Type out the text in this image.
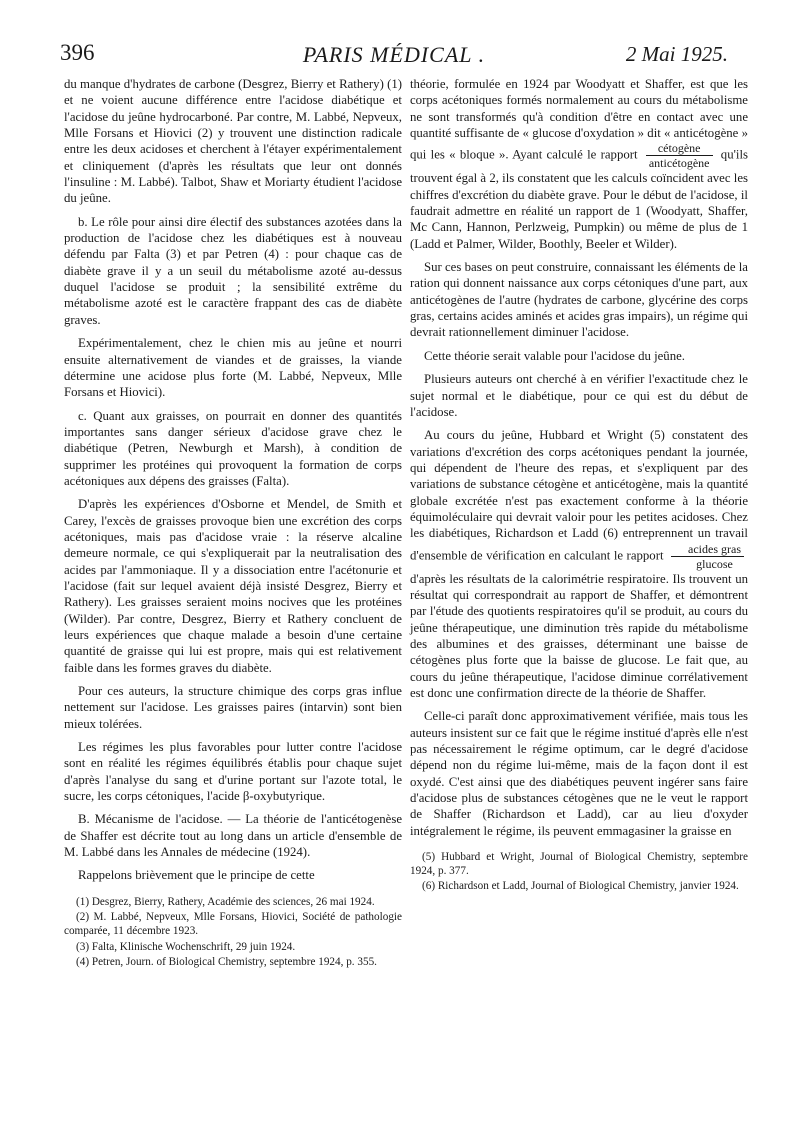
396	PARIS MÉDICAL .	2 Mai 1925.

du manque d'hydrates de carbone (Desgrez, Bierry et Rathery) (1) et ne voient aucune différence entre l'acidose diabétique et l'acidose du jeûne hydrocarboné. Par contre, M. Labbé, Nepveux, Mlle Forsans et Hiovici (2) y trouvent une distinction radicale entre les deux acidoses et cherchent à l'étayer expérimentalement et cliniquement (d'après les résultats que leur ont donnés l'insuline : M. Labbé). Talbot, Shaw et Moriarty étudient l'acidose du jeûne.

b. Le rôle pour ainsi dire électif des substances azotées dans la production de l'acidose chez les diabétiques est à nouveau défendu par Falta (3) et par Petren (4) : pour chaque cas de diabète grave il y a un seuil du métabolisme azoté au-dessus duquel l'acidose se produit ; la sensibilité extrême du métabolisme azoté est le caractère frappant des cas de diabète graves.

Expérimentalement, chez le chien mis au jeûne et nourri ensuite alternativement de viandes et de graisses, la viande détermine une acidose plus forte (M. Labbé, Nepveux, Mlle Forsans et Hiovici).

c. Quant aux graisses, on pourrait en donner des quantités importantes sans danger sérieux d'acidose grave chez le diabétique (Petren, Newburgh et Marsh), à condition de supprimer les protéines qui provoquent la formation de corps acétoniques aux dépens des graisses (Falta).

D'après les expériences d'Osborne et Mendel, de Smith et Carey, l'excès de graisses provoque bien une excrétion des corps acétoniques, mais pas d'acidose vraie : la réserve alcaline demeure normale, ce qui s'expliquerait par la neutralisation des acides par l'ammoniaque. Il y a dissociation entre l'acétonurie et l'acidose (fait sur lequel avaient déjà insisté Desgrez, Bierry et Rathery). Les graisses seraient moins nocives que les protéines (Wilder). Par contre, Desgrez, Bierry et Rathery concluent de leurs expériences que chaque malade a besoin d'une certaine quantité de graisse qui lui est propre, mais qui est relativement faible dans les formes graves du diabète.

Pour ces auteurs, la structure chimique des corps gras influe nettement sur l'acidose. Les graisses paires (intarvin) sont bien mieux tolérées.

Les régimes les plus favorables pour lutter contre l'acidose sont en réalité les régimes équilibrés établis pour chaque sujet d'après l'analyse du sang et d'urine portant sur l'azote total, le sucre, les corps cétoniques, l'acide β-oxybutyrique.

B. Mécanisme de l'acidose. — La théorie de l'anticétogenèse de Shaffer est décrite tout au long dans un article d'ensemble de M. Labbé dans les Annales de médecine (1924).

Rappelons brièvement que le principe de cette

(1) Desgrez, Bierry, Rathery, Académie des sciences, 26 mai 1924.
(2) M. Labbé, Nepveux, Mlle Forsans, Hiovici, Société de pathologie comparée, 11 décembre 1923.
(3) Falta, Klinische Wochenschrift, 29 juin 1924.
(4) Petren, Journ. of Biological Chemistry, septembre 1924, p. 355.

théorie, formulée en 1924 par Woodyatt et Shaffer, est que les corps acétoniques formés normalement au cours du métabolisme ne sont transformés qu'à condition d'être en contact avec une quantité suffisante de « glucose d'oxydation » dit « anticétogène » qui les « bloque ». Ayant calculé le rapport $\frac{\text{cétogène}}{\text{anticétogène}} qu'ils$ trouvent égal à 2, ils constatent que les calculs coïncident avec les chiffres d'excrétion du diabète grave. Pour le début de l'acidose, il faudrait admettre en réalité un rapport de 1 (Woodyatt, Shaffer, Mc Cann, Hannon, Perlzweig, Pumpkin) ou même de plus de 1 (Ladd et Palmer, Wilder, Boothly, Beeler et Wilder).

Sur ces bases on peut construire, connaissant les éléments de la ration qui donnent naissance aux corps cétoniques d'une part, aux anticétogènes de l'autre (hydrates de carbone, glycérine des corps gras, certains acides aminés et acides gras impairs), un régime qui devrait rationnellement diminuer l'acidose.

Cette théorie serait valable pour l'acidose du jeûne.

Plusieurs auteurs ont cherché à en vérifier l'exactitude chez le sujet normal et le diabétique, pour ce qui est du début de l'acidose.

Au cours du jeûne, Hubbard et Wright (5) constatent des variations d'excrétion des corps acétoniques pendant la journée, qui dépendent de l'heure des repas, et s'expliquent par des variations de substance cétogène et anticétogène, mais la quantité globale excrétée n'est pas exactement conforme à la théorie équimoléculaire qui devrait valoir pour les petites acidoses. Chez les diabétiques, Richardson et Ladd (6) entreprennent un travail d'ensemble de vérification en calculant le rapport $\frac{\text{acides gras}}{\text{glucose}}$
d'après les résultats de la calorimétrie respiratoire. Ils trouvent un résultat qui correspondrait au rapport de Shaffer, et démontrent par l'étude des quotients respiratoires qu'il se produit, au cours du jeûne thérapeutique, une diminution très rapide du métabolisme des albumines et des graisses, déterminant une baisse de cétogènes plus forte que la baisse de glucose. Le fait que, au cours du jeûne thérapeutique, l'acidose diminue corrélativement est donc une confirmation directe de la théorie de Shaffer.

Celle-ci paraît donc approximativement vérifiée, mais tous les auteurs insistent sur ce fait que le régime institué d'après elle n'est pas nécessairement le régime optimum, car le degré d'acidose dépend non du régime lui-même, mais de la façon dont il est oxydé. C'est ainsi que des diabétiques peuvent ingérer sans faire d'acidose plus de substances cétogènes que ne le veut le rapport de Shaffer (Richardson et Ladd), car au lieu d'oxyder intégralement le régime, ils peuvent emmagasiner la graisse en

(5) Hubbard et Wright, Journal of Biological Chemistry, septembre 1924, p. 377.
(6) Richardson et Ladd, Journal of Biological Chemistry, janvier 1924.
